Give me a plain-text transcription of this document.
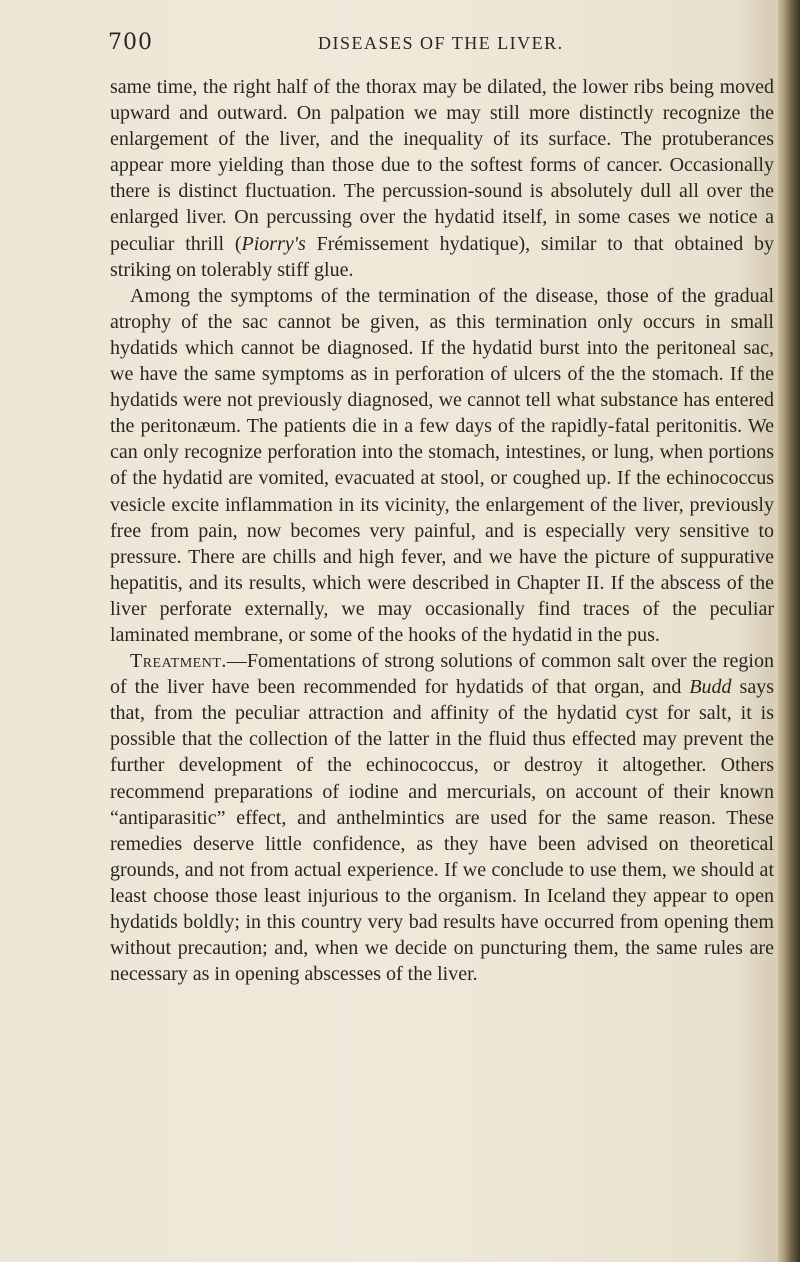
700	DISEASES OF THE LIVER.

same time, the right half of the thorax may be dilated, the lower ribs being moved upward and outward. On palpation we may still more distinctly recognize the enlargement of the liver, and the inequality of its surface. The protuberances appear more yielding than those due to the softest forms of cancer. Occasionally there is distinct fluctuation. The percussion-sound is absolutely dull all over the enlarged liver. On percussing over the hydatid itself, in some cases we notice a peculiar thrill (Piorry's Frémissement hydatique), similar to that obtained by striking on tolerably stiff glue.

Among the symptoms of the termination of the disease, those of the gradual atrophy of the sac cannot be given, as this termination only occurs in small hydatids which cannot be diagnosed. If the hydatid burst into the peritoneal sac, we have the same symptoms as in perforation of ulcers of the the stomach. If the hydatids were not previously diagnosed, we cannot tell what substance has entered the peritonæum. The patients die in a few days of the rapidly-fatal peritonitis. We can only recognize perforation into the stomach, intestines, or lung, when portions of the hydatid are vomited, evacuated at stool, or coughed up. If the echinococcus vesicle excite inflammation in its vicinity, the enlargement of the liver, previously free from pain, now becomes very painful, and is especially very sensitive to pressure. There are chills and high fever, and we have the picture of suppurative hepatitis, and its results, which were described in Chapter II. If the abscess of the liver perforate externally, we may occasionally find traces of the peculiar laminated membrane, or some of the hooks of the hydatid in the pus.

Treatment.—Fomentations of strong solutions of common salt over the region of the liver have been recommended for hydatids of that organ, and Budd says that, from the peculiar attraction and affinity of the hydatid cyst for salt, it is possible that the collection of the latter in the fluid thus effected may prevent the further development of the echinococcus, or destroy it altogether. Others recommend preparations of iodine and mercurials, on account of their known “antiparasitic” effect, and anthelmintics are used for the same reason. These remedies deserve little confidence, as they have been advised on theoretical grounds, and not from actual experience. If we conclude to use them, we should at least choose those least injurious to the organism. In Iceland they appear to open hydatids boldly; in this country very bad results have occurred from opening them without precaution; and, when we decide on puncturing them, the same rules are necessary as in opening abscesses of the liver.
